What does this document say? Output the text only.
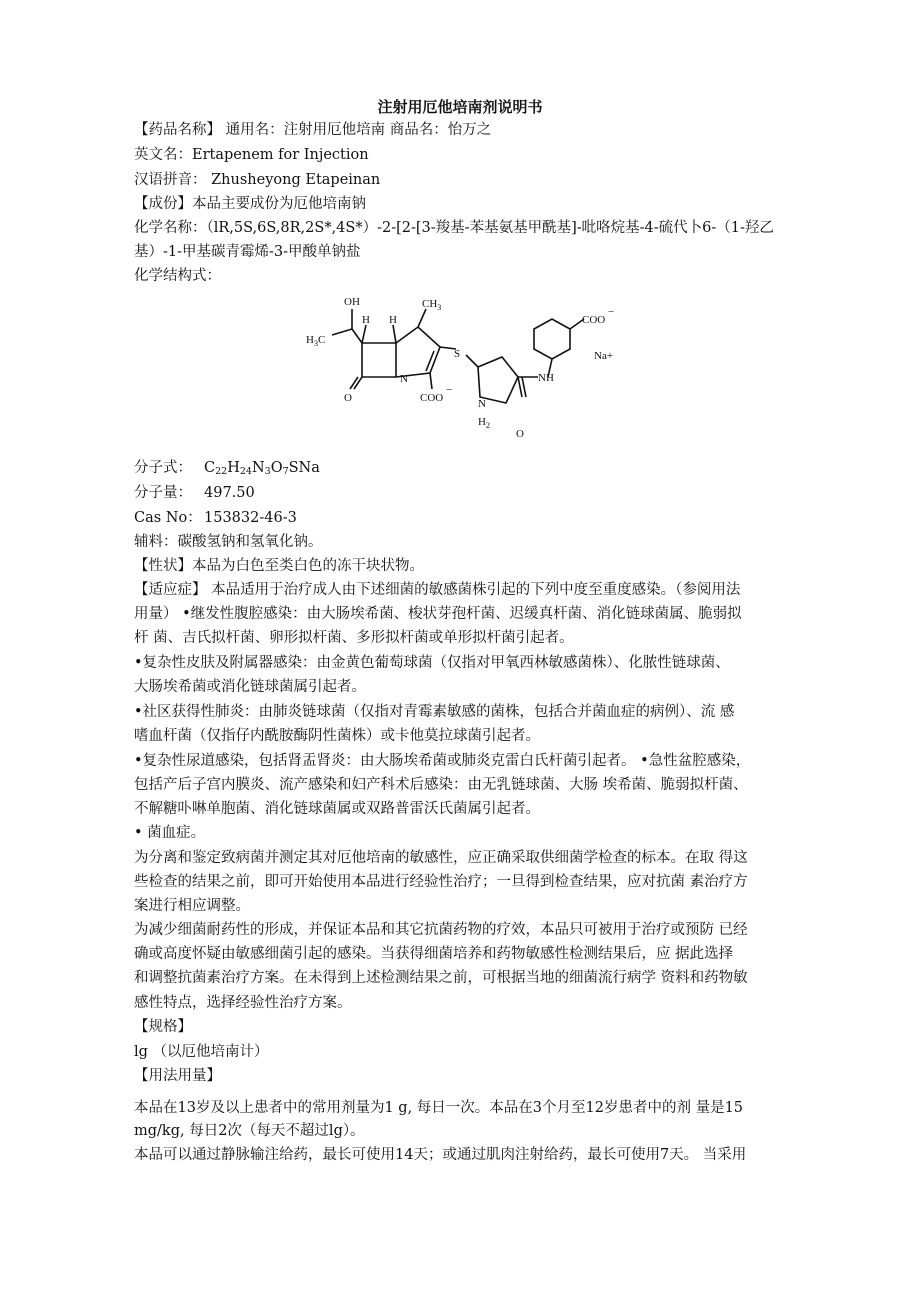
注射用厄他培南剂说明书
【药品名称】 通用名：注射用厄他培南 商品名：怡万之
英文名：Ertapenem for Injection
汉语拼音： Zhusheyong Etapeinan
【成份】本品主要成份为厄他培南钠
化学名称：（lR,5S,6S,8R,2S*,4S*）-2-[2-[3-羧基-苯基氨基甲酰基]-吡咯烷基-4-硫代卜6-（1-羟乙
基）-1-甲基碳青霉烯-3-甲酸单钠盐
化学结构式：
OH
H H
$CH_3$
$H_3C$
O
N
S
COO
−
COO
−
NH
Na+
N
$H_2$
O
分子式： $C_{22}H_{24}N_3O_7SNa$
分子量： 497.50
Cas No： 153832-46-3
辅料：碳酸氢钠和氢氧化钠。
【性状】本品为白色至类白色的冻干块状物。
【适应症】 本品适用于治疗成人由下述细菌的敏感菌株引起的下列中度至重度感染。（参阅用法
用量） •继发性腹腔感染：由大肠埃希菌、梭状芽孢杆菌、迟缓真杆菌、消化链球菌属、脆弱拟
杆 菌、吉氏拟杆菌、卵形拟杆菌、多形拟杆菌或单形拟杆菌引起者。
•复杂性皮肤及附属器感染：由金黄色葡萄球菌（仅指对甲氧西林敏感菌株）、化脓性链球菌、
大肠埃希菌或消化链球菌属引起者。
•社区获得性肺炎：由肺炎链球菌（仅指对青霉素敏感的菌株，包括合并菌血症的病例）、流 感
嗜血杆菌（仅指仔内酰胺酶阴性菌株）或卡他莫拉球菌引起者。
•复杂性尿道感染，包括肾盂肾炎：由大肠埃希菌或肺炎克雷白氏杆菌引起者。 •急性盆腔感染，
包括产后子宫内膜炎、流产感染和妇产科术后感染：由无乳链球菌、大肠 埃希菌、脆弱拟杆菌、
不解糖卟啉单胞菌、消化链球菌属或双路普雷沃氏菌属引起者。
• 菌血症。
为分离和鉴定致病菌并测定其对厄他培南的敏感性，应正确采取供细菌学检查的标本。在取 得这
些检查的结果之前，即可开始使用本品进行经验性治疗；一旦得到检查结果，应对抗菌 素治疗方
案进行相应调整。
为减少细菌耐药性的形成，并保证本品和其它抗菌药物的疗效，本品只可被用于治疗或预防 已经
确或高度怀疑由敏感细菌引起的感染。当获得细菌培养和药物敏感性检测结果后，应 据此选择
和调整抗菌素治疗方案。在未得到上述检测结果之前，可根据当地的细菌流行病学 资料和药物敏
感性特点，选择经验性治疗方案。
【规格】
lg （以厄他培南计）
【用法用量】
本品在13岁及以上患者中的常用剂量为1 g, 每日一次。本品在3个月至12岁患者中的剂 量是15
mg/kg, 每日2次（每天不超过lg）。
本品可以通过静脉输注给药，最长可使用14天；或通过肌肉注射给药，最长可使用7天。 当采用
